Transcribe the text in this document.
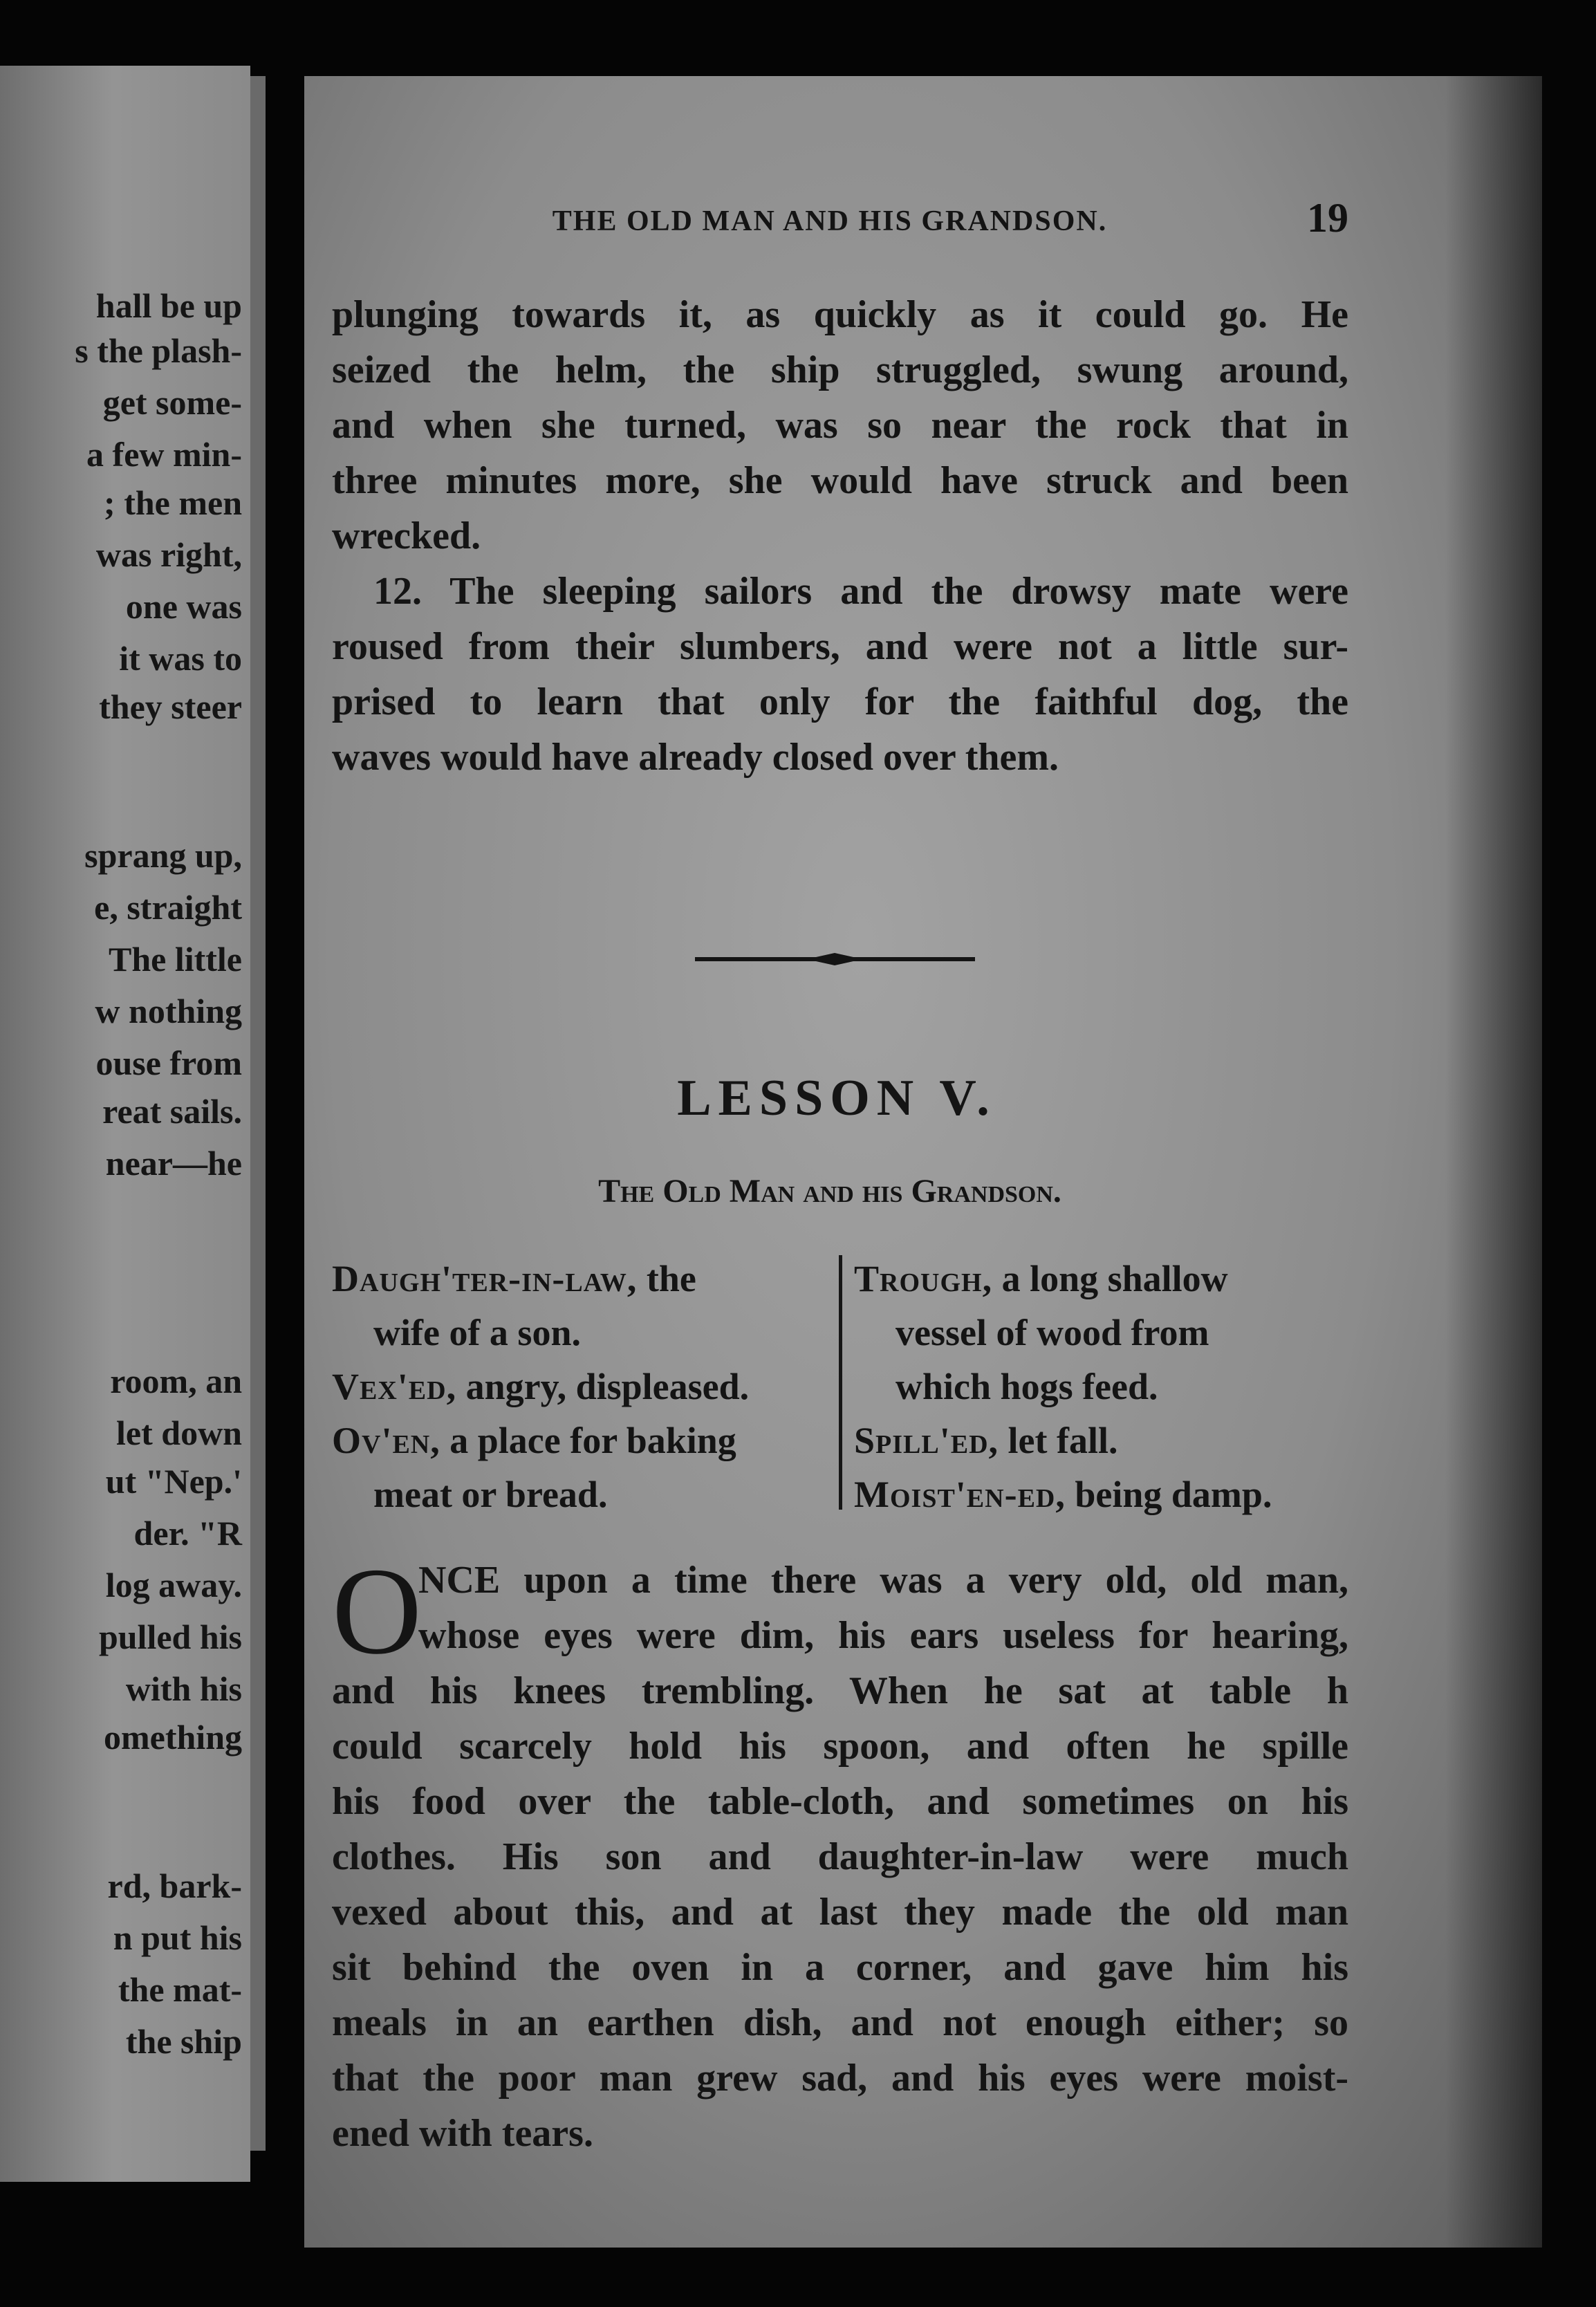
hall be up
s the plash-
get some-
a few min-
; the men
was right,
one was
it was to
they steer
sprang up,
e, straight
The little
w nothing
ouse from
reat sails.
near—he
room, an
let down
ut "Nep.'
der. "R
log away.
pulled his
with his
omething
rd, bark-
n put his
the mat-
the ship
THE OLD MAN AND HIS GRANDSON.	19
plunging towards it, as quickly as it could go. He
seized the helm, the ship struggled, swung around,
and when she turned, was so near the rock that in
three minutes more, she would have struck and been
wrecked.
12. The sleeping sailors and the drowsy mate were
roused from their slumbers, and were not a little sur-
prised to learn that only for the faithful dog, the
waves would have already closed over them.
LESSON V.
The Old Man and his Grandson.
Daugh'ter-in-law, the
wife of a son.
Vex'ed, angry, displeased.
Ov'en, a place for baking
meat or bread.
Trough, a long shallow
vessel of wood from
which hogs feed.
Spill'ed, let fall.
Moist'en-ed, being damp.
O
NCE upon a time there was a very old, old man,
whose eyes were dim, his ears useless for hearing,
and his knees trembling. When he sat at table h
could scarcely hold his spoon, and often he spille
his food over the table-cloth, and sometimes on his
clothes. His son and daughter-in-law were much
vexed about this, and at last they made the old man
sit behind the oven in a corner, and gave him his
meals in an earthen dish, and not enough either; so
that the poor man grew sad, and his eyes were moist-
ened with tears.
